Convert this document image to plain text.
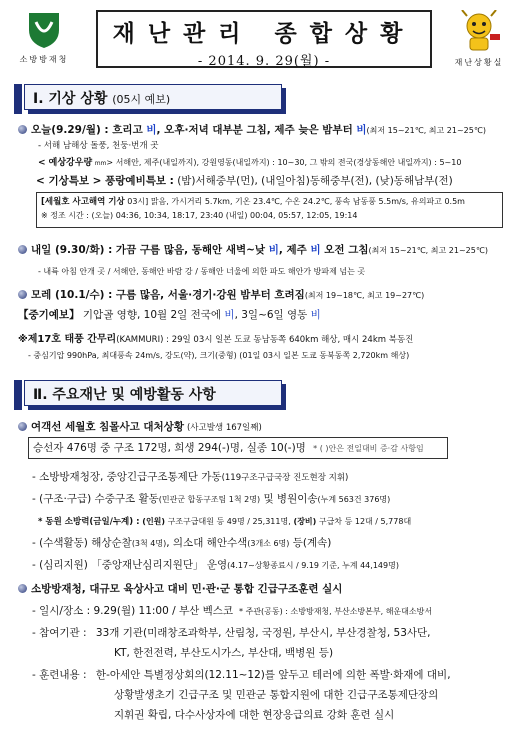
소방방재청
재난관리 종합상황
- 2014. 9. 29(월) -	재난상황실
Ⅰ. 기상 상황 (05시 예보)
오늘(9.29/월) : 흐리고 비, 오후·저녁 대부분 그침, 제주 늦은 밤부터 비(최저 15~21℃, 최고 21~25℃)
- 서해 남해상 돌풍, 천둥·번개 곳
< 예상강우량 mm> 서해안, 제주(내일까지), 강원영동(내일까지) : 10~30, 그 밖의 전국(경상동해안 내일까지) : 5~10
< 기상특보 > 풍랑예비특보 : (밤)서해중부(먼), (내일아침)동해중부(전), (낮)동해남부(전)
[세월호 사고해역 기상 03시] 맑음, 가시거리 5.7km, 기온 23.4℃, 수온 24.2℃, 풍속 남동풍 5.5m/s, 유의파고 0.5m
※ 정조 시간 : (오늘) 04:36, 10:34, 18:17, 23:40 (내일) 00:04, 05:57, 12:05, 19:14
내일 (9.30/화) : 가끔 구름 많음, 동해안 새벽~낮 비, 제주 비 오전 그침(최저 15~21℃, 최고 21~25℃)
- 내륙 아침 안개 곳 / 서해안, 동해안 바람 강 / 동해안 너울에 의한 파도 해안가 방파제 넘는 곳
모레 (10.1/수) : 구름 많음, 서울·경기·강원 밤부터 흐려짐(최저 19~18℃, 최고 19~27℃)
【중기예보】 기압골 영향, 10월 2일 전국에 비, 3일~6일 영동 비
※제17호 태풍 간무리(KAMMURI) : 29일 03시 일본 도쿄 동남동쪽 640km 해상, 매시 24km 북동진
- 중심기압 990hPa, 최대풍속 24m/s, 강도(약), 크기(중형) (01일 03시 일본 도쿄 동북동쪽 2,720km 해상)
Ⅱ. 주요재난 및 예방활동 사항
여객선 세월호 침몰사고 대처상황 (사고발생 167일째)
승선자 476명 중 구조 172명, 희생 294(-)명, 실종 10(-)명 * ( )안은 전일대비 증·감 사항임
- 소방방재청장, 중앙긴급구조통제단 가동(119구조구급국장 진도현장 지휘)
- (구조·구급) 수중구조 활동(민관군 합동구조팀 1척 2명) 및 병원이송(누계 563건 376명)
* 동원 소방력(금일/누계) : (인원) 구조구급대원 등 49명 / 25,311명, (장비) 구급차 등 12대 / 5,778대
- (수색활동) 해상순찰(3척 4명), 의소대 해안수색(3개소 6명) 등(계속)
- (심리지원) 「중앙재난심리지원단」 운영(4.17~상황종료시 / 9.19 기준, 누계 44,149명)
소방방재청, 대규모 육상사고 대비 민·관·군 통합 긴급구조훈련 실시
- 일시/장소 : 9.29(월) 11:00 / 부산 벡스코 * 주관(공동) : 소방방재청, 부산소방본부, 해운대소방서
- 참여기관 : 33개 기관(미래창조과학부, 산림청, 국정원, 부산시, 부산경찰청, 53사단,
KT, 한전전력, 부산도시가스, 부산대, 백병원 등)
- 훈련내용 : 한-아세안 특별정상회의(12.11~12)를 앞두고 테러에 의한 폭발·화재에 대비,
상황발생초기 긴급구조 및 민관군 통합지원에 대한 긴급구조통제단장의
지휘권 확립, 다수사상자에 대한 현장응급의료 강화 훈련 실시
